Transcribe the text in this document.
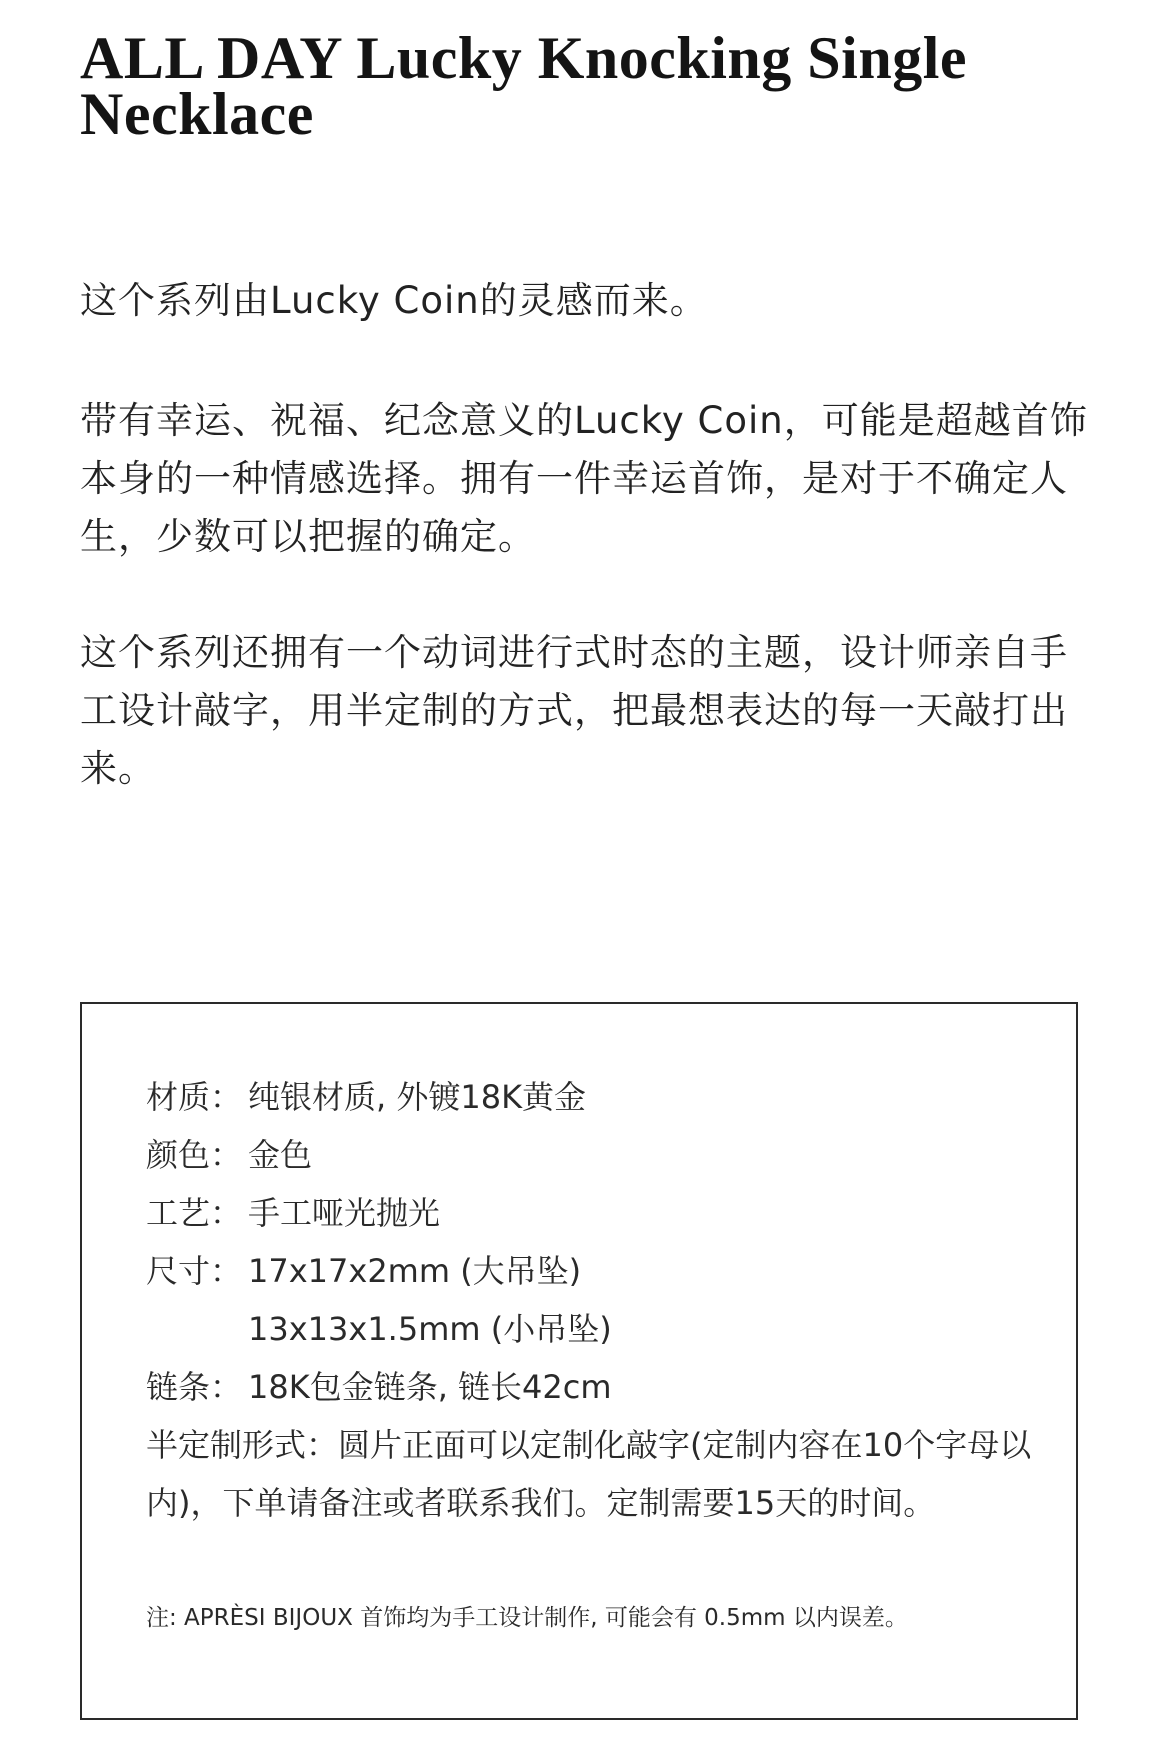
ALL DAY Lucky Knocking Single Necklace

这个系列由Lucky Coin的灵感而来。

带有幸运、祝福、纪念意义的Lucky Coin，可能是超越首饰本身的一种情感选择。拥有一件幸运首饰，是对于不确定人生，少数可以把握的确定。

这个系列还拥有一个动词进行式时态的主题，设计师亲自手工设计敲字，用半定制的方式，把最想表达的每一天敲打出来。

材质： 纯银材质, 外镀18K黄金
颜色： 金色
工艺： 手工哑光抛光
尺寸： 17x17x2mm (大吊坠)
13x13x1.5mm (小吊坠)
链条： 18K包金链条, 链长42cm
半定制形式：圆片正面可以定制化敲字(定制内容在10个字母以内)，下单请备注或者联系我们。定制需要15天的时间。
注: APRÈSI BIJOUX 首饰均为手工设计制作, 可能会有 0.5mm 以内误差。
